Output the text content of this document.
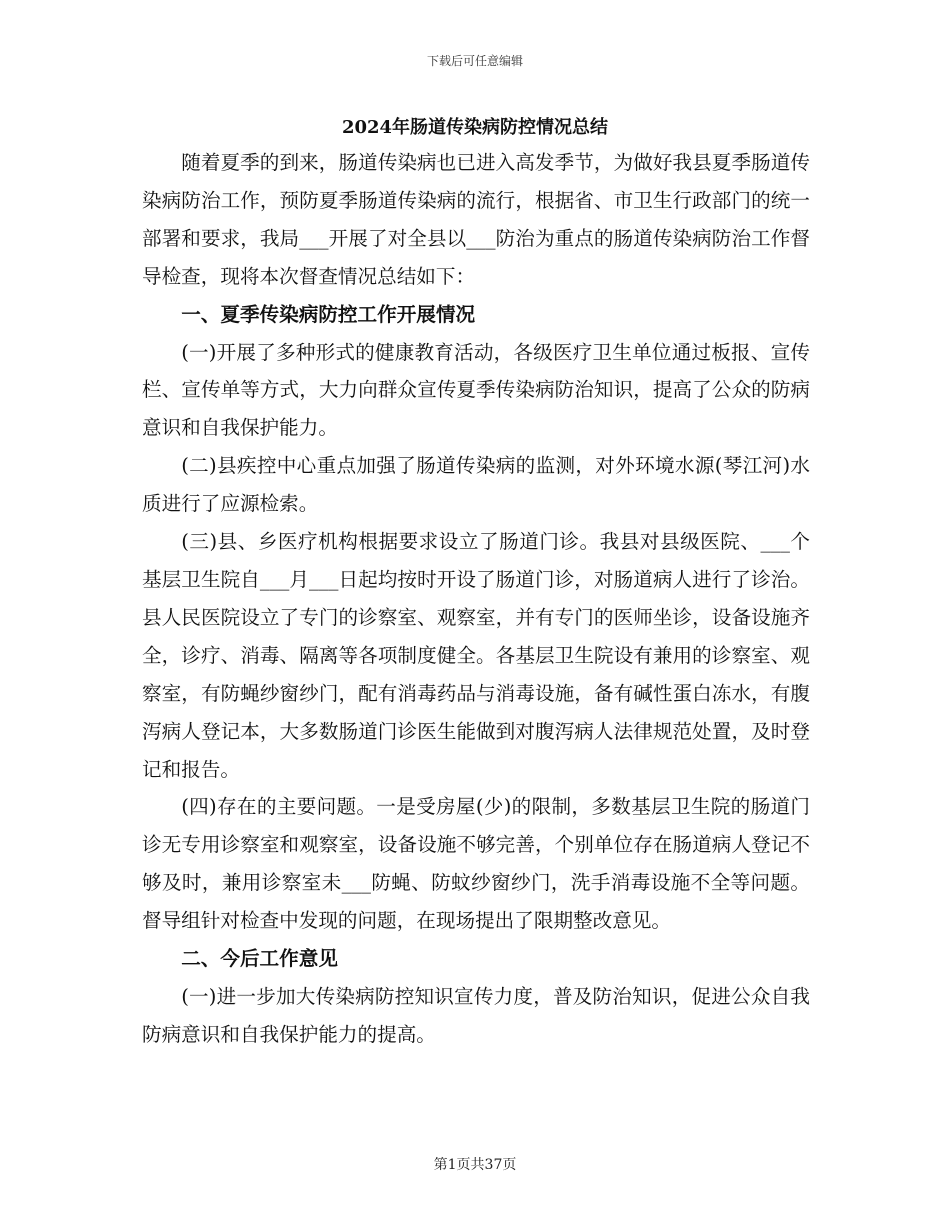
下载后可任意编辑
2024年肠道传染病防控情况总结

随着夏季的到来，肠道传染病也已进入高发季节，为做好我县夏季肠道传染病防治工作，预防夏季肠道传染病的流行，根据省、市卫生行政部门的统一部署和要求，我局___开展了对全县以___防治为重点的肠道传染病防治工作督导检查，现将本次督查情况总结如下：

一、夏季传染病防控工作开展情况

(一)开展了多种形式的健康教育活动，各级医疗卫生单位通过板报、宣传栏、宣传单等方式，大力向群众宣传夏季传染病防治知识，提高了公众的防病意识和自我保护能力。

(二)县疾控中心重点加强了肠道传染病的监测，对外环境水源(琴江河)水质进行了应源检索。

(三)县、乡医疗机构根据要求设立了肠道门诊。我县对县级医院、___个基层卫生院自___月___日起均按时开设了肠道门诊，对肠道病人进行了诊治。县人民医院设立了专门的诊察室、观察室，并有专门的医师坐诊，设备设施齐全，诊疗、消毒、隔离等各项制度健全。各基层卫生院设有兼用的诊察室、观察室，有防蝇纱窗纱门，配有消毒药品与消毒设施，备有碱性蛋白冻水，有腹泻病人登记本，大多数肠道门诊医生能做到对腹泻病人法律规范处置，及时登记和报告。

(四)存在的主要问题。一是受房屋(少)的限制，多数基层卫生院的肠道门诊无专用诊察室和观察室，设备设施不够完善，个别单位存在肠道病人登记不够及时，兼用诊察室未___防蝇、防蚊纱窗纱门，洗手消毒设施不全等问题。督导组针对检查中发现的问题，在现场提出了限期整改意见。

二、今后工作意见

(一)进一步加大传染病防控知识宣传力度，普及防治知识，促进公众自我防病意识和自我保护能力的提高。

第1页共37页
